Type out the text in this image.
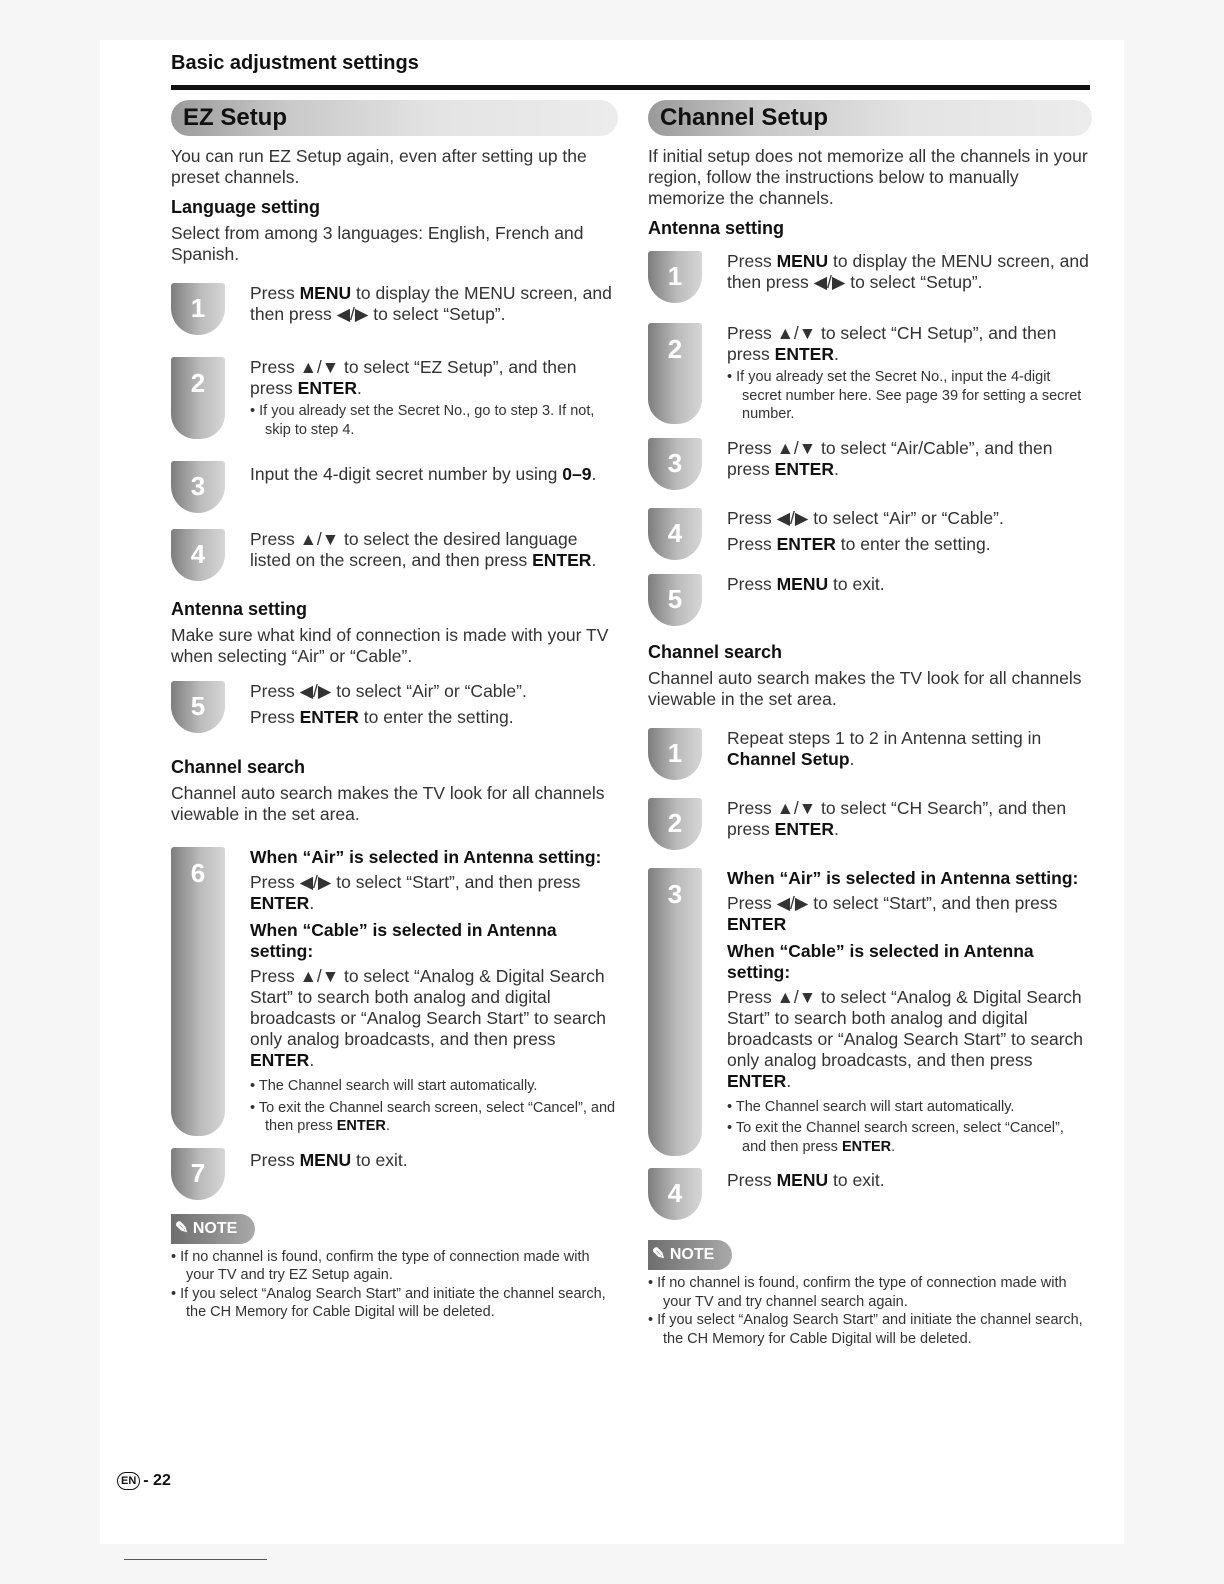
Basic adjustment settings
EZ Setup

You can run EZ Setup again, even after setting up the preset channels.

Language setting

Select from among 3 languages: English, French and Spanish.

1	Press MENU to display the MENU screen, and then press ◀/▶ to select “Setup”.
2
Press ▲/▼ to select “EZ Setup”, and then press ENTER.

• If you already set the Secret No., go to step 3. If not, skip to step 4.

3	Input the 4-digit secret number by using 0–9.
4	Press ▲/▼ to select the desired language listed on the screen, and then press ENTER.

Antenna setting

Make sure what kind of connection is made with your TV when selecting “Air” or “Cable”.

5	Press ◀/▶ to select “Air” or “Cable”.
Press ENTER to enter the setting.

Channel search

Channel auto search makes the TV look for all channels viewable in the set area.

6
When “Air” is selected in Antenna setting:
Press ◀/▶ to select “Start”, and then press ENTER.
When “Cable” is selected in Antenna setting:
Press ▲/▼ to select “Analog & Digital Search Start” to search both analog and digital broadcasts or “Analog Search Start” to search only analog broadcasts, and then press ENTER.

• The Channel search will start automatically.

• To exit the Channel search screen, select “Cancel”, and then press ENTER.

7	Press MENU to exit.
✎ NOTE

• If no channel is found, confirm the type of connection made with your TV and try EZ Setup again.

• If you select “Analog Search Start” and initiate the channel search, the CH Memory for Cable Digital will be deleted.

Channel Setup

If initial setup does not memorize all the channels in your region, follow the instructions below to manually memorize the channels.

Antenna setting

1	Press MENU to display the MENU screen, and then press ◀/▶ to select “Setup”.
2
Press ▲/▼ to select “CH Setup”, and then press ENTER.

• If you already set the Secret No., input the 4-digit secret number here. See page 39 for setting a secret number.

3	Press ▲/▼ to select “Air/Cable”, and then press ENTER.
4	Press ◀/▶ to select “Air” or “Cable”.
Press ENTER to enter the setting.
5	Press MENU to exit.

Channel search

Channel auto search makes the TV look for all channels viewable in the set area.

1	Repeat steps 1 to 2 in Antenna setting in Channel Setup.
2	Press ▲/▼ to select “CH Search”, and then press ENTER.
3
When “Air” is selected in Antenna setting:
Press ◀/▶ to select “Start”, and then press ENTER
When “Cable” is selected in Antenna setting:
Press ▲/▼ to select “Analog & Digital Search Start” to search both analog and digital broadcasts or “Analog Search Start” to search only analog broadcasts, and then press ENTER.

• The Channel search will start automatically.

• To exit the Channel search screen, select “Cancel”, and then press ENTER.

4	Press MENU to exit.
✎ NOTE

• If no channel is found, confirm the type of connection made with your TV and try channel search again.

• If you select “Analog Search Start” and initiate the channel search, the CH Memory for Cable Digital will be deleted.

EN - 22
